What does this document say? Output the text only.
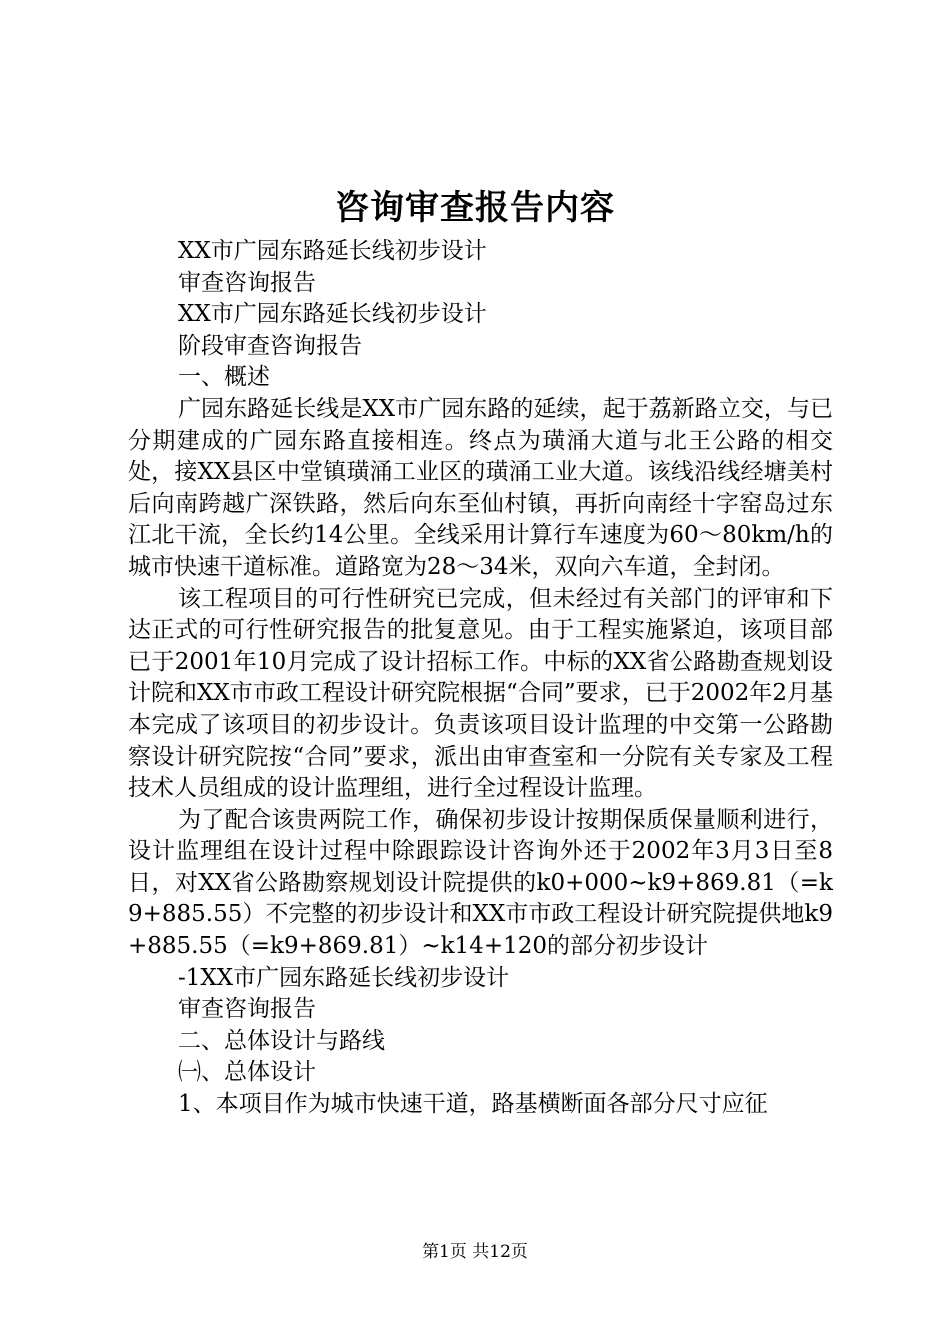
咨询审查报告内容
XX市广园东路延长线初步设计
审查咨询报告
XX市广园东路延长线初步设计
阶段审查咨询报告
一、概述
广园东路延长线是XX市广园东路的延续，起于荔新路立交，与已分期建成的广园东路直接相连。终点为璜涌大道与北王公路的相交处，接XX县区中堂镇璜涌工业区的璜涌工业大道。该线沿线经塘美村后向南跨越广深铁路，然后向东至仙村镇，再折向南经十字窑岛过东江北干流，全长约14公里。全线采用计算行车速度为60～80km/h的城市快速干道标准。道路宽为28～34米，双向六车道，全封闭。
该工程项目的可行性研究已完成，但未经过有关部门的评审和下达正式的可行性研究报告的批复意见。由于工程实施紧迫，该项目部已于2001年10月完成了设计招标工作。中标的XX省公路勘查规划设计院和XX市市政工程设计研究院根据“合同”要求，已于2002年2月基本完成了该项目的初步设计。负责该项目设计监理的中交第一公路勘察设计研究院按“合同”要求，派出由审查室和一分院有关专家及工程技术人员组成的设计监理组，进行全过程设计监理。
为了配合该贵两院工作，确保初步设计按期保质保量顺利进行，设计监理组在设计过程中除跟踪设计咨询外还于2002年3月3日至8日，对XX省公路勘察规划设计院提供的k0+000~k9+869.81（=k9+885.55）不完整的初步设计和XX市市政工程设计研究院提供地k9+885.55（=k9+869.81）~k14+120的部分初步设计
-1XX市广园东路延长线初步设计
审查咨询报告
二、总体设计与路线
㈠、总体设计
1、本项目作为城市快速干道，路基横断面各部分尺寸应征
第1页 共12页
